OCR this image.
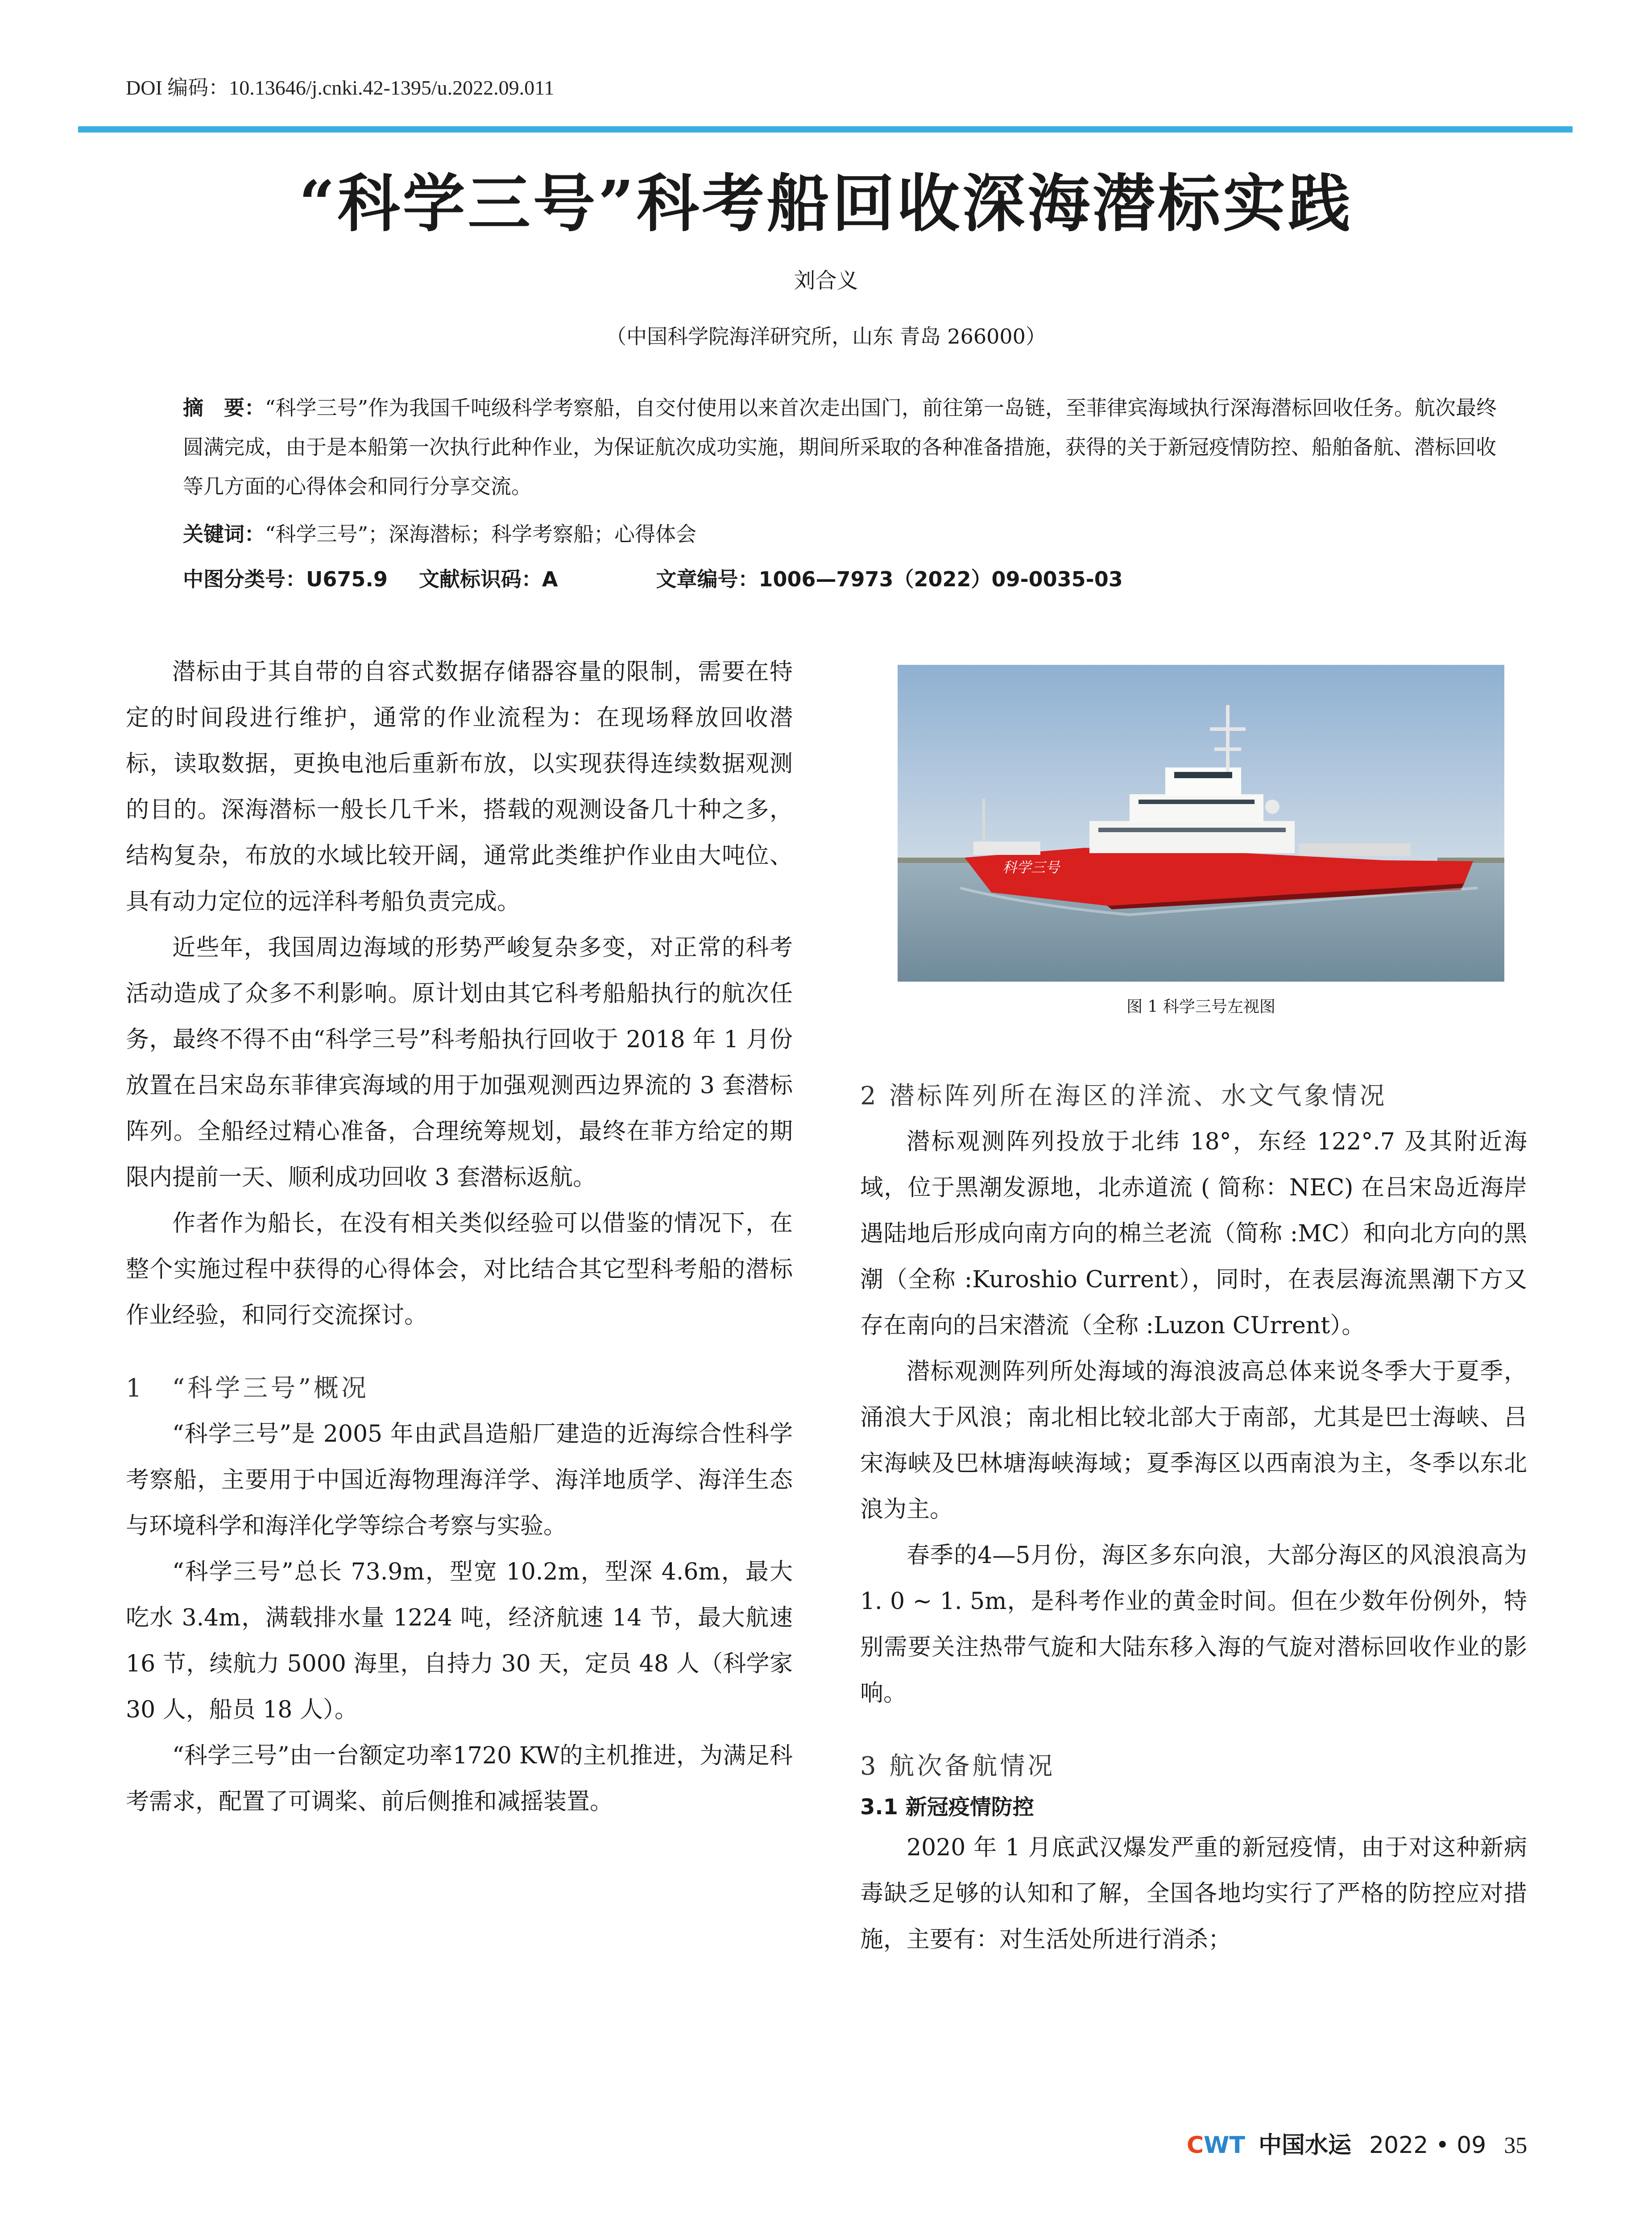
DOI 编码：10.13646/j.cnki.42-1395/u.2022.09.011
“科学三号”科考船回收深海潜标实践
刘合义
（中国科学院海洋研究所，山东 青岛 266000）
摘　要：“科学三号”作为我国千吨级科学考察船，自交付使用以来首次走出国门，前往第一岛链，至菲律宾海域执行深海潜标回收任务。航次最终圆满完成，由于是本船第一次执行此种作业，为保证航次成功实施，期间所采取的各种准备措施，获得的关于新冠疫情防控、船舶备航、潜标回收等几方面的心得体会和同行分享交流。
关键词：“科学三号”；深海潜标；科学考察船；心得体会
中图分类号：U675.9 文献标识码：A	文章编号：1006—7973（2022）09-0035-03

潜标由于其自带的自容式数据存储器容量的限制，需要在特定的时间段进行维护，通常的作业流程为：在现场释放回收潜标，读取数据，更换电池后重新布放，以实现获得连续数据观测的目的。深海潜标一般长几千米，搭载的观测设备几十种之多，结构复杂，布放的水域比较开阔，通常此类维护作业由大吨位、具有动力定位的远洋科考船负责完成。

近些年，我国周边海域的形势严峻复杂多变，对正常的科考活动造成了众多不利影响。原计划由其它科考船船执行的航次任务，最终不得不由“科学三号”科考船执行回收于 2018 年 1 月份放置在吕宋岛东菲律宾海域的用于加强观测西边界流的 3 套潜标阵列。全船经过精心准备，合理统筹规划，最终在菲方给定的期限内提前一天、顺利成功回收 3 套潜标返航。

作者作为船长，在没有相关类似经验可以借鉴的情况下，在整个实施过程中获得的心得体会，对比结合其它型科考船的潜标作业经验，和同行交流探讨。

1　“科学三号”概况

“科学三号”是 2005 年由武昌造船厂建造的近海综合性科学考察船，主要用于中国近海物理海洋学、海洋地质学、海洋生态与环境科学和海洋化学等综合考察与实验。

“科学三号”总长 73.9m，型宽 10.2m，型深 4.6m，最大吃水 3.4m，满载排水量 1224 吨，经济航速 14 节，最大航速 16 节，续航力 5000 海里，自持力 30 天，定员 48 人（科学家 30 人，船员 18 人）。

“科学三号”由一台额定功率1720 KW的主机推进，为满足科考需求，配置了可调桨、前后侧推和减摇装置。

科学三号
图 1 科学三号左视图

2 潜标阵列所在海区的洋流、水文气象情况

潜标观测阵列投放于北纬 18°，东经 122°.7 及其附近海域，位于黑潮发源地，北赤道流 ( 简称：NEC) 在吕宋岛近海岸遇陆地后形成向南方向的棉兰老流（简称 :MC）和向北方向的黑潮（全称 :Kuroshio Current），同时，在表层海流黑潮下方又存在南向的吕宋潜流（全称 :Luzon CUrrent）。

潜标观测阵列所处海域的海浪波高总体来说冬季大于夏季，涌浪大于风浪；南北相比较北部大于南部，尤其是巴士海峡、吕宋海峡及巴林塘海峡海域；夏季海区以西南浪为主，冬季以东北浪为主。

春季的4—5月份，海区多东向浪，大部分海区的风浪浪高为1. 0 ~ 1. 5m，是科考作业的黄金时间。但在少数年份例外，特别需要关注热带气旋和大陆东移入海的气旋对潜标回收作业的影响。

3 航次备航情况

3.1 新冠疫情防控

2020 年 1 月底武汉爆发严重的新冠疫情，由于对这种新病毒缺乏足够的认知和了解，全国各地均实行了严格的防控应对措施，主要有：对生活处所进行消杀；

CWT 中国水运 2022 • 09 35
